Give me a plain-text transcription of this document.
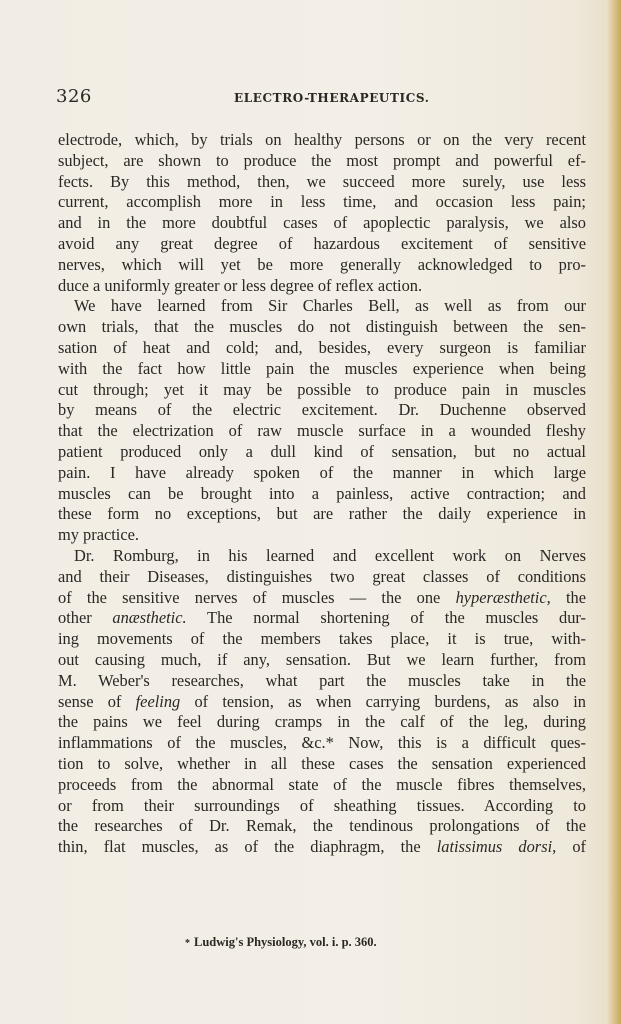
326	ELECTRO-THERAPEUTICS.
electrode, which, by trials on healthy persons or on the very recent
subject, are shown to produce the most prompt and powerful ef-
fects. By this method, then, we succeed more surely, use less
current, accomplish more in less time, and occasion less pain;
and in the more doubtful cases of apoplectic paralysis, we also
avoid any great degree of hazardous excitement of sensitive
nerves, which will yet be more generally acknowledged to pro-
duce a uniformly greater or less degree of reflex action.
We have learned from Sir Charles Bell, as well as from our
own trials, that the muscles do not distinguish between the sen-
sation of heat and cold; and, besides, every surgeon is familiar
with the fact how little pain the muscles experience when being
cut through; yet it may be possible to produce pain in muscles
by means of the electric excitement. Dr. Duchenne observed
that the electrization of raw muscle surface in a wounded fleshy
patient produced only a dull kind of sensation, but no actual
pain. I have already spoken of the manner in which large
muscles can be brought into a painless, active contraction; and
these form no exceptions, but are rather the daily experience in
my practice.
Dr. Romburg, in his learned and excellent work on Nerves
and their Diseases, distinguishes two great classes of conditions
of the sensitive nerves of muscles — the one hyperæsthetic, the
other anæsthetic. The normal shortening of the muscles dur-
ing movements of the members takes place, it is true, with-
out causing much, if any, sensation. But we learn further, from
M. Weber's researches, what part the muscles take in the
sense of feeling of tension, as when carrying burdens, as also in
the pains we feel during cramps in the calf of the leg, during
inflammations of the muscles, &c.* Now, this is a difficult ques-
tion to solve, whether in all these cases the sensation experienced
proceeds from the abnormal state of the muscle fibres themselves,
or from their surroundings of sheathing tissues. According to
the researches of Dr. Remak, the tendinous prolongations of the
thin, flat muscles, as of the diaphragm, the latissimus dorsi, of
* Ludwig's Physiology, vol. i. p. 360.
